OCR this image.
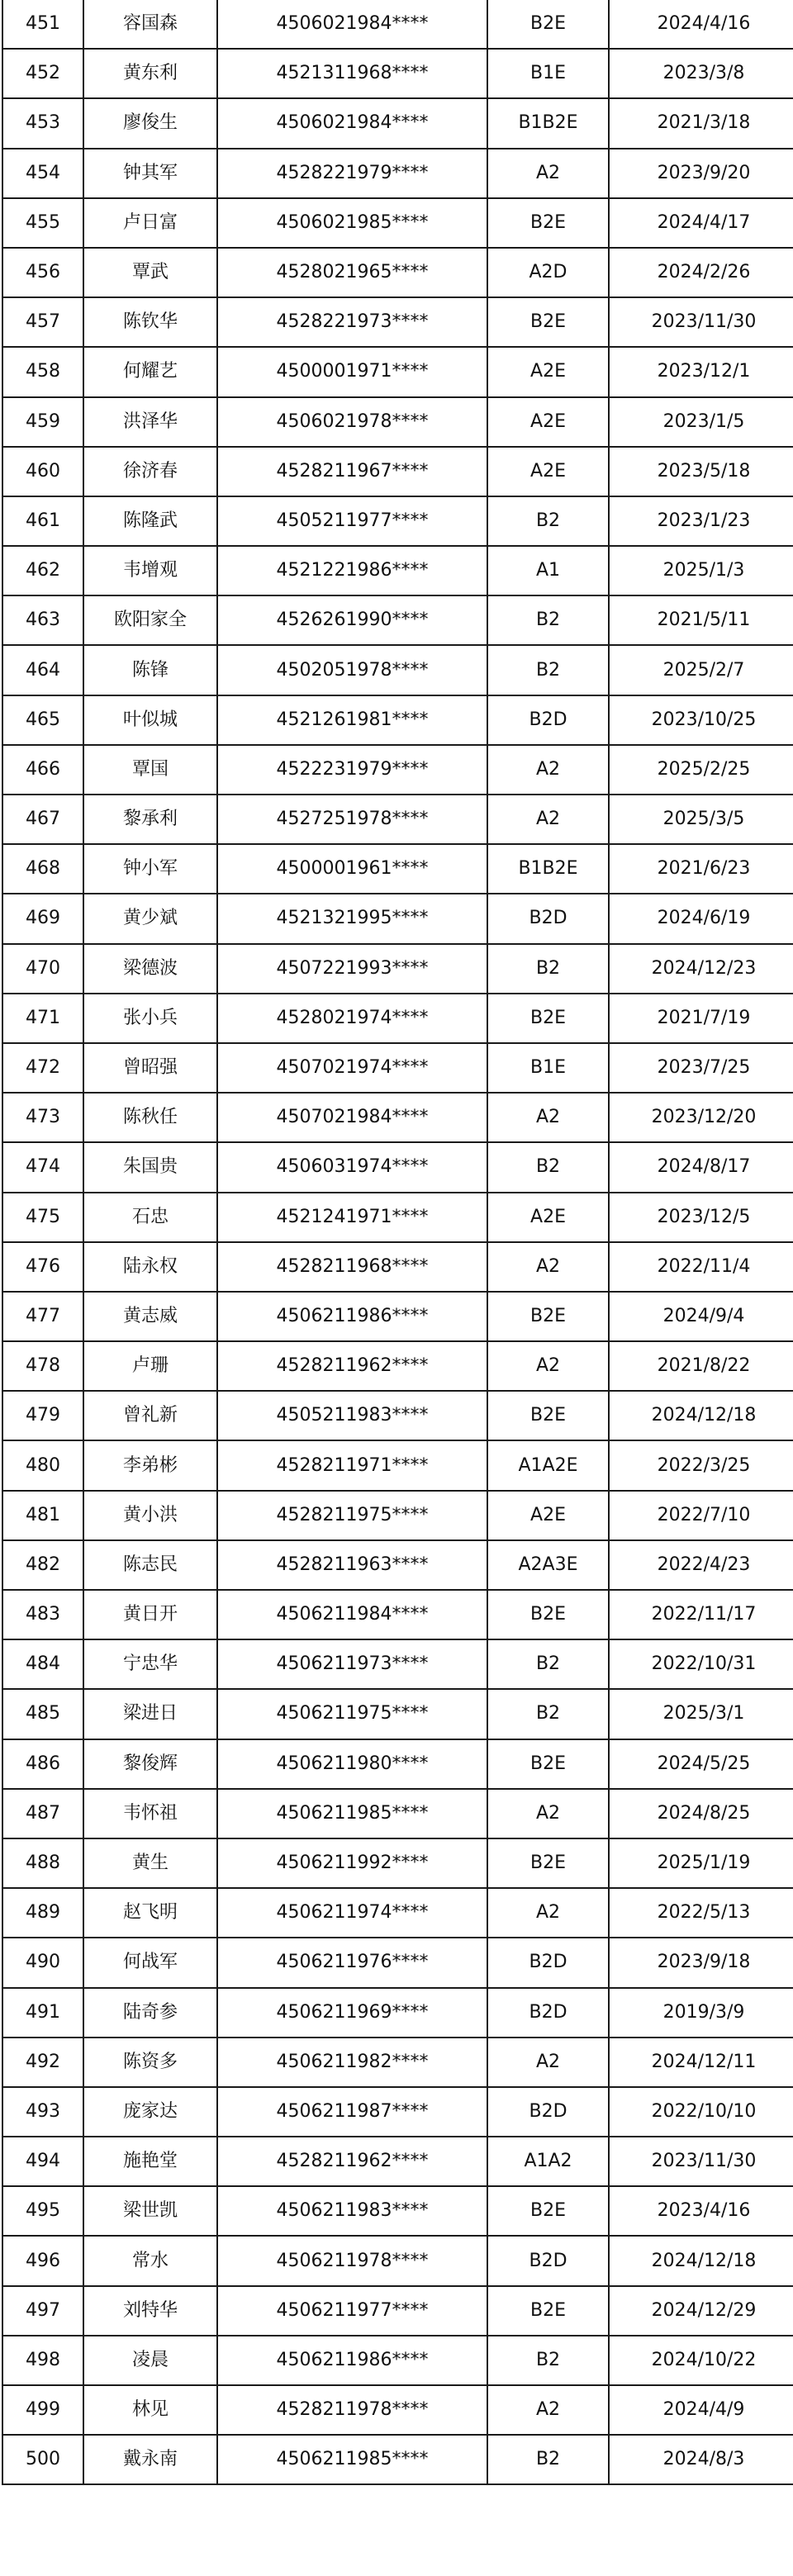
451	容国森	4506021984****	B2E	2024/4/16
452	黄东利	4521311968****	B1E	2023/3/8
453	廖俊生	4506021984****	B1B2E	2021/3/18
454	钟其军	4528221979****	A2	2023/9/20
455	卢日富	4506021985****	B2E	2024/4/17
456	覃武	4528021965****	A2D	2024/2/26
457	陈钦华	4528221973****	B2E	2023/11/30
458	何耀艺	4500001971****	A2E	2023/12/1
459	洪泽华	4506021978****	A2E	2023/1/5
460	徐济春	4528211967****	A2E	2023/5/18
461	陈隆武	4505211977****	B2	2023/1/23
462	韦增观	4521221986****	A1	2025/1/3
463	欧阳家全	4526261990****	B2	2021/5/11
464	陈锋	4502051978****	B2	2025/2/7
465	叶似城	4521261981****	B2D	2023/10/25
466	覃国	4522231979****	A2	2025/2/25
467	黎承利	4527251978****	A2	2025/3/5
468	钟小军	4500001961****	B1B2E	2021/6/23
469	黄少斌	4521321995****	B2D	2024/6/19
470	梁德波	4507221993****	B2	2024/12/23
471	张小兵	4528021974****	B2E	2021/7/19
472	曾昭强	4507021974****	B1E	2023/7/25
473	陈秋任	4507021984****	A2	2023/12/20
474	朱国贵	4506031974****	B2	2024/8/17
475	石忠	4521241971****	A2E	2023/12/5
476	陆永权	4528211968****	A2	2022/11/4
477	黄志威	4506211986****	B2E	2024/9/4
478	卢珊	4528211962****	A2	2021/8/22
479	曾礼新	4505211983****	B2E	2024/12/18
480	李弟彬	4528211971****	A1A2E	2022/3/25
481	黄小洪	4528211975****	A2E	2022/7/10
482	陈志民	4528211963****	A2A3E	2022/4/23
483	黄日开	4506211984****	B2E	2022/11/17
484	宁忠华	4506211973****	B2	2022/10/31
485	梁进日	4506211975****	B2	2025/3/1
486	黎俊辉	4506211980****	B2E	2024/5/25
487	韦怀祖	4506211985****	A2	2024/8/25
488	黄生	4506211992****	B2E	2025/1/19
489	赵飞明	4506211974****	A2	2022/5/13
490	何战军	4506211976****	B2D	2023/9/18
491	陆奇参	4506211969****	B2D	2019/3/9
492	陈资多	4506211982****	A2	2024/12/11
493	庞家达	4506211987****	B2D	2022/10/10
494	施艳堂	4528211962****	A1A2	2023/11/30
495	梁世凯	4506211983****	B2E	2023/4/16
496	常水	4506211978****	B2D	2024/12/18
497	刘特华	4506211977****	B2E	2024/12/29
498	凌晨	4506211986****	B2	2024/10/22
499	林见	4528211978****	A2	2024/4/9
500	戴永南	4506211985****	B2	2024/8/3
